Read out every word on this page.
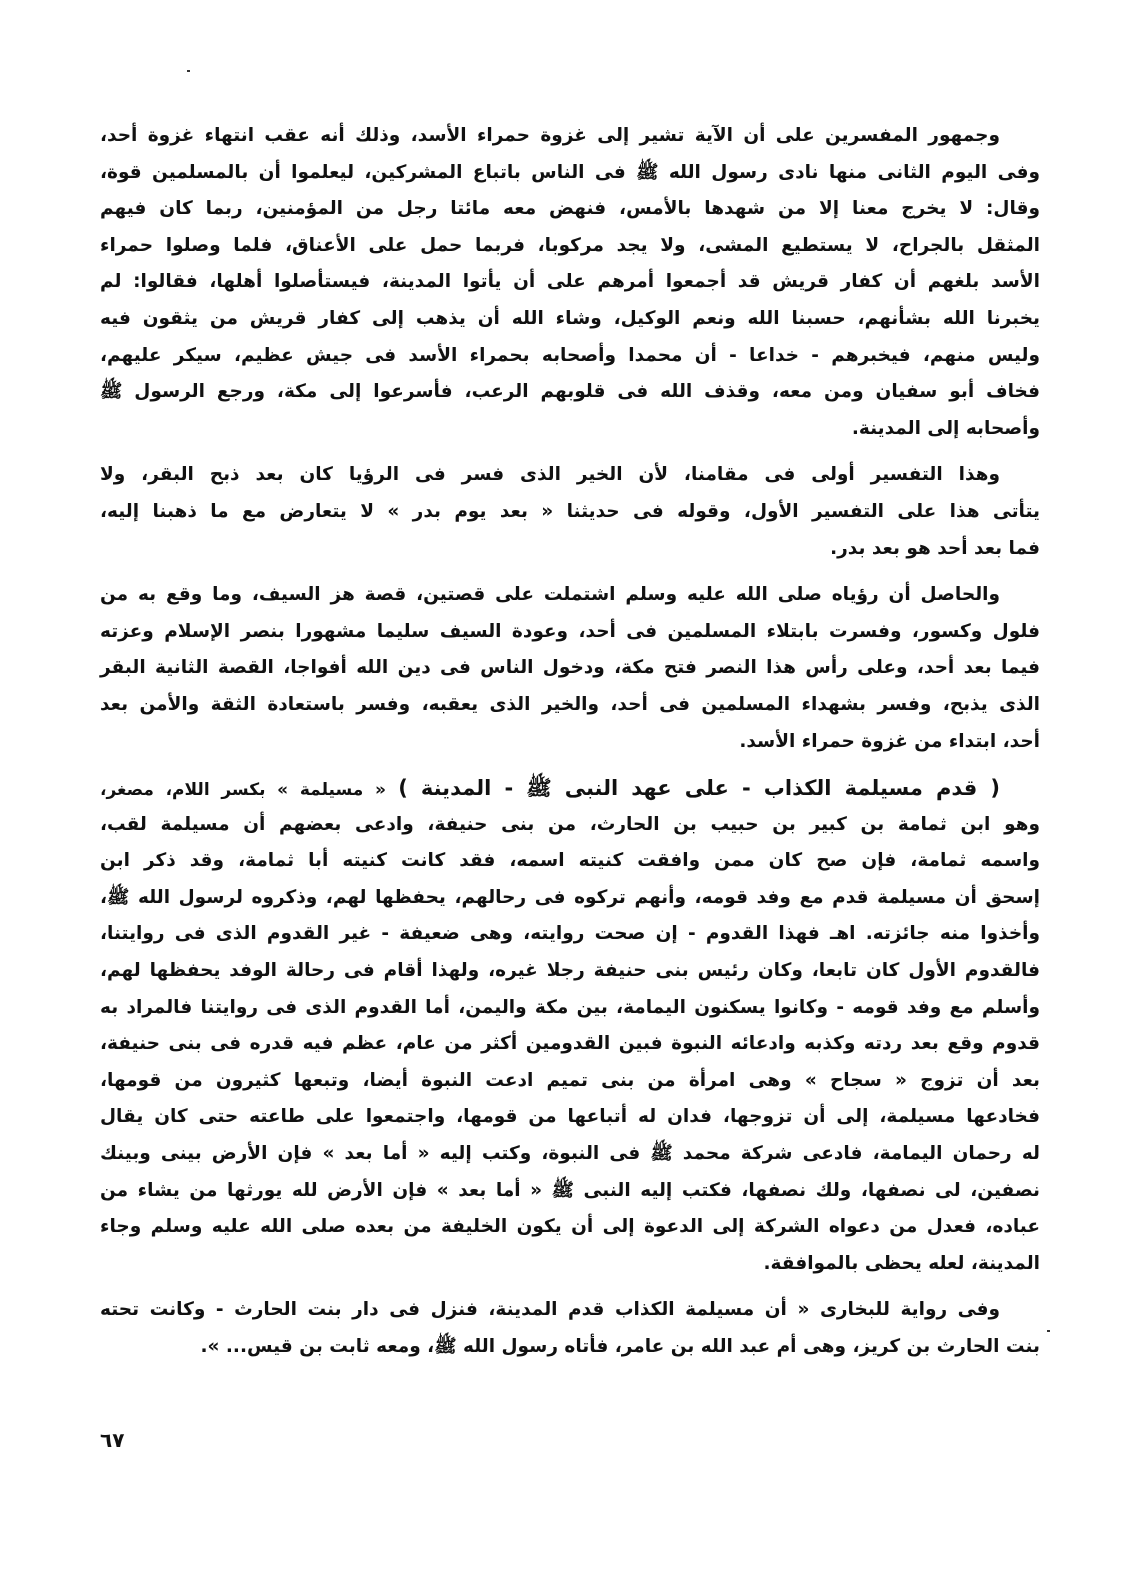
وجمهور المفسرين على أن الآية تشير إلى غزوة حمراء الأسد، وذلك أنه عقب انتهاء غزوة أحد،
وفى اليوم الثانى منها نادى رسول الله ﷺ فى الناس باتباع المشركين، ليعلموا أن بالمسلمين قوة،
وقال: لا يخرج معنا إلا من شهدها بالأمس، فنهض معه مائتا رجل من المؤمنين، ربما كان فيهم
المثقل بالجراح، لا يستطيع المشى، ولا يجد مركوبا، فربما حمل على الأعناق، فلما وصلوا حمراء
الأسد بلغهم أن كفار قريش قد أجمعوا أمرهم على أن يأتوا المدينة، فيستأصلوا أهلها، فقالوا: لم
يخبرنا الله بشأنهم، حسبنا الله ونعم الوكيل، وشاء الله أن يذهب إلى كفار قريش من يثقون فيه
وليس منهم، فيخبرهم - خداعا - أن محمدا وأصحابه بحمراء الأسد فى جيش عظيم، سيكر عليهم،
فخاف أبو سفيان ومن معه، وقذف الله فى قلوبهم الرعب، فأسرعوا إلى مكة، ورجع الرسول ﷺ
وأصحابه إلى المدينة.
وهذا التفسير أولى فى مقامنا، لأن الخير الذى فسر فى الرؤيا كان بعد ذبح البقر، ولا
يتأتى هذا على التفسير الأول، وقوله فى حديثنا « بعد يوم بدر » لا يتعارض مع ما ذهبنا إليه،
فما بعد أحد هو بعد بدر.
والحاصل أن رؤياه صلى الله عليه وسلم اشتملت على قصتين، قصة هز السيف، وما وقع به من
فلول وكسور، وفسرت بابتلاء المسلمين فى أحد، وعودة السيف سليما مشهورا بنصر الإسلام وعزته
فيما بعد أحد، وعلى رأس هذا النصر فتح مكة، ودخول الناس فى دين الله أفواجا، القصة الثانية البقر
الذى يذبح، وفسر بشهداء المسلمين فى أحد، والخير الذى يعقبه، وفسر باستعادة الثقة والأمن بعد
أحد، ابتداء من غزوة حمراء الأسد.
( قدم مسيلمة الكذاب - على عهد النبى ﷺ - المدينة ) « مسيلمة » بكسر اللام، مصغر،
وهو ابن ثمامة بن كبير بن حبيب بن الحارث، من بنى حنيفة، وادعى بعضهم أن مسيلمة لقب،
واسمه ثمامة، فإن صح كان ممن وافقت كنيته اسمه، فقد كانت كنيته أبا ثمامة، وقد ذكر ابن
إسحق أن مسيلمة قدم مع وفد قومه، وأنهم تركوه فى رحالهم، يحفظها لهم، وذكروه لرسول الله ﷺ،
وأخذوا منه جائزته. اهـ فهذا القدوم - إن صحت روايته، وهى ضعيفة - غير القدوم الذى فى روايتنا،
فالقدوم الأول كان تابعا، وكان رئيس بنى حنيفة رجلا غيره، ولهذا أقام فى رحالة الوفد يحفظها لهم،
وأسلم مع وفد قومه - وكانوا يسكنون اليمامة، بين مكة واليمن، أما القدوم الذى فى روايتنا فالمراد به
قدوم وقع بعد ردته وكذبه وادعائه النبوة فبين القدومين أكثر من عام، عظم فيه قدره فى بنى حنيفة،
بعد أن تزوج « سجاح » وهى امرأة من بنى تميم ادعت النبوة أيضا، وتبعها كثيرون من قومها،
فخادعها مسيلمة، إلى أن تزوجها، فدان له أتباعها من قومها، واجتمعوا على طاعته حتى كان يقال
له رحمان اليمامة، فادعى شركة محمد ﷺ فى النبوة، وكتب إليه « أما بعد » فإن الأرض بينى وبينك
نصفين، لى نصفها، ولك نصفها، فكتب إليه النبى ﷺ « أما بعد » فإن الأرض لله يورثها من يشاء من
عباده، فعدل من دعواه الشركة إلى الدعوة إلى أن يكون الخليفة من بعده صلى الله عليه وسلم وجاء
المدينة، لعله يحظى بالموافقة.
وفى رواية للبخارى « أن مسيلمة الكذاب قدم المدينة، فنزل فى دار بنت الحارث - وكانت تحته
بنت الحارث بن كريز، وهى أم عبد الله بن عامر، فأتاه رسول الله ﷺ، ومعه ثابت بن قيس... ».
٦٧
